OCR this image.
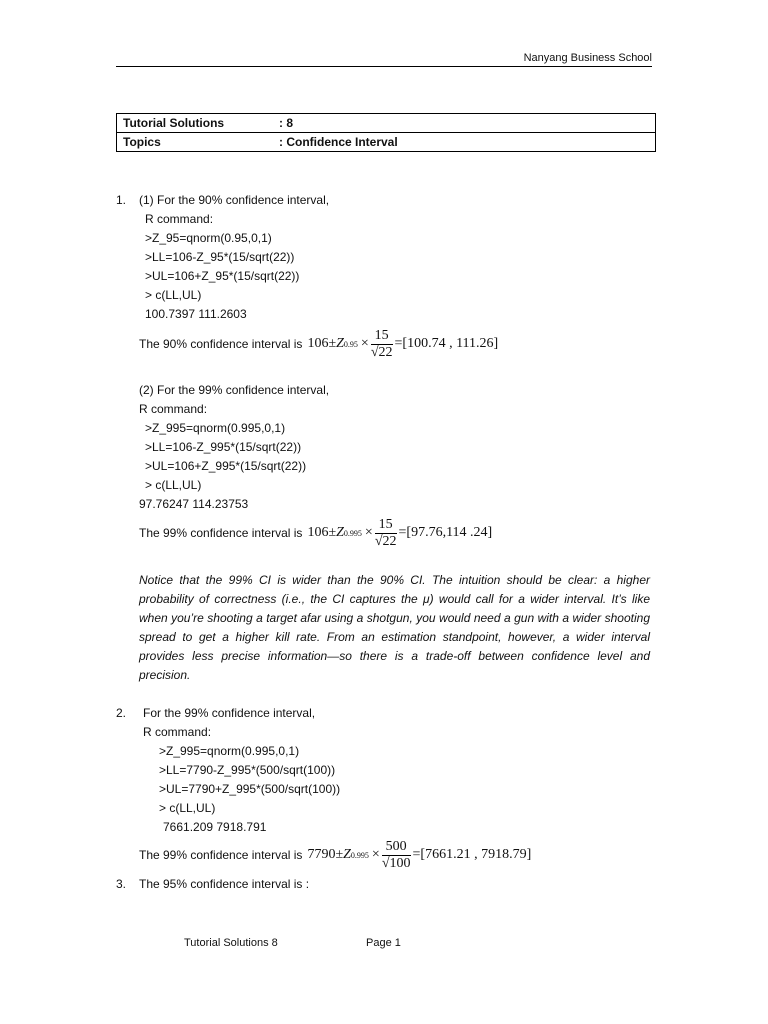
Nanyang Business School
Tutorial Solutions	: 8
Topics	: Confidence Interval
1. (1) For the 90% confidence interval,
R command:
>Z_95=qnorm(0.95,0,1)
>LL=106-Z_95*(15/sqrt(22))
>UL=106+Z_95*(15/sqrt(22))
> c(LL,UL)
100.7397 111.2603
The 90% confidence interval is 106 ± Z $0.95 \times \frac{15}{√22} =[100.74$ , 111.26]
(2) For the 99% confidence interval,
R command:
>Z_995=qnorm(0.995,0,1)
>LL=106-Z_995*(15/sqrt(22))
>UL=106+Z_995*(15/sqrt(22))
> c(LL,UL)
97.76247 114.23753
The 99% confidence interval is 106 ± Z $0.995 \times \frac{15}{√22} =[97.76,114$ .24]
Notice that the 99% CI is wider than the 90% CI. The intuition should be clear: a higher probability of correctness (i.e., the CI captures the μ) would call for a wider interval. It’s like when you’re shooting a target afar using a shotgun, you would need a gun with a wider shooting spread to get a higher kill rate. From an estimation standpoint, however, a wider interval provides less precise information—so there is a trade-off between confidence level and precision.
2. For the 99% confidence interval,
R command:
>Z_995=qnorm(0.995,0,1)
>LL=7790-Z_995*(500/sqrt(100))
>UL=7790+Z_995*(500/sqrt(100))
> c(LL,UL)
7661.209 7918.791
The 99% confidence interval is 7790 ± Z $0.995 \times \frac{500}{√100} =[7661.21$ , 7918.79]
3. The 95% confidence interval is :
Tutorial Solutions 8	Page 1
